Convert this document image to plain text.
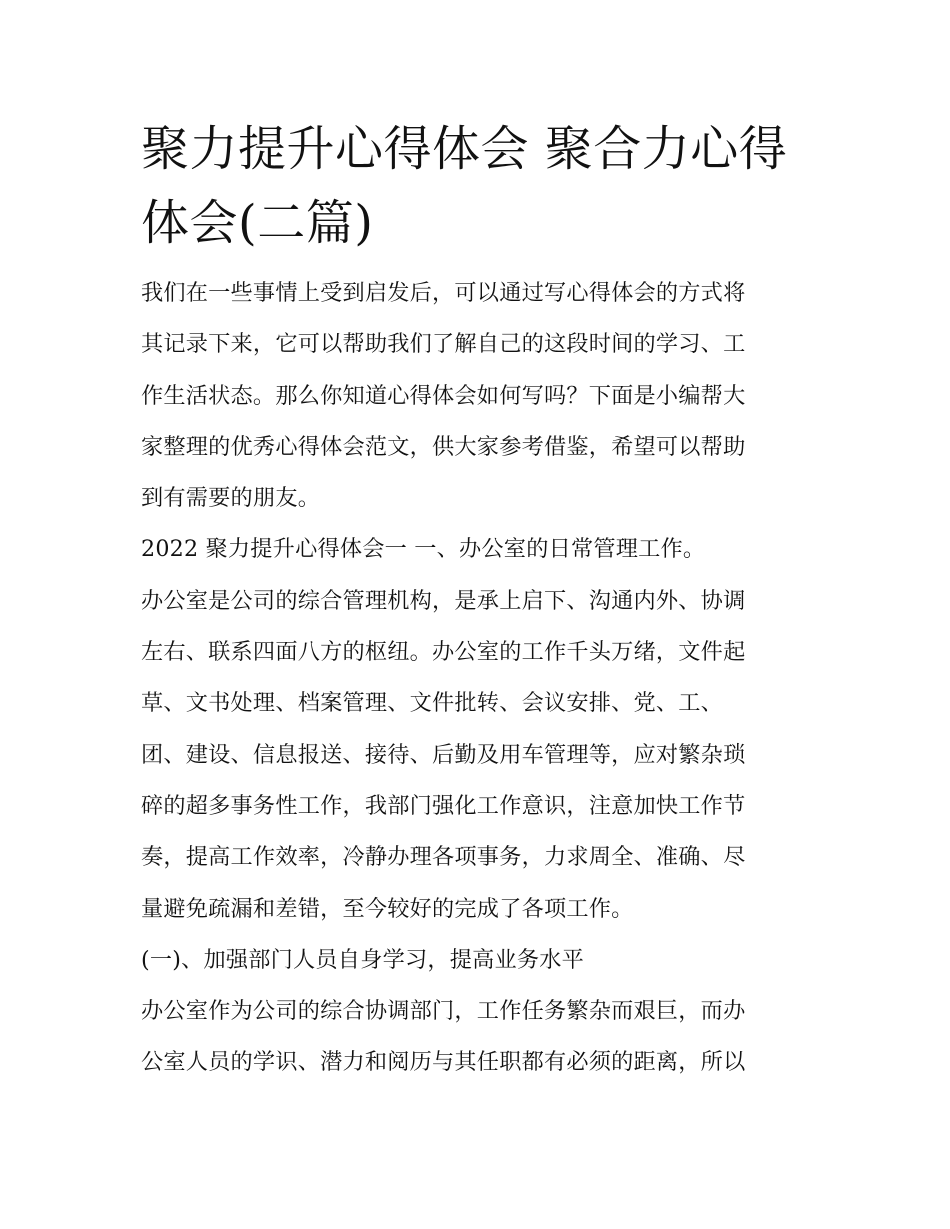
聚力提升心得体会 聚合力心得
体会(二篇)

我们在一些事情上受到启发后，可以通过写心得体会的方式将
其记录下来，它可以帮助我们了解自己的这段时间的学习、工
作生活状态。那么你知道心得体会如何写吗？下面是小编帮大
家整理的优秀心得体会范文，供大家参考借鉴，希望可以帮助
到有需要的朋友。

2022 聚力提升心得体会一 一、办公室的日常管理工作。

办公室是公司的综合管理机构，是承上启下、沟通内外、协调
左右、联系四面八方的枢纽。办公室的工作千头万绪，文件起
草、文书处理、档案管理、文件批转、会议安排、党、工、
团、建设、信息报送、接待、后勤及用车管理等，应对繁杂琐
碎的超多事务性工作，我部门强化工作意识，注意加快工作节
奏，提高工作效率，冷静办理各项事务，力求周全、准确、尽
量避免疏漏和差错，至今较好的完成了各项工作。

(一)、加强部门人员自身学习，提高业务水平

办公室作为公司的综合协调部门，工作任务繁杂而艰巨，而办
公室人员的学识、潜力和阅历与其任职都有必须的距离，所以
